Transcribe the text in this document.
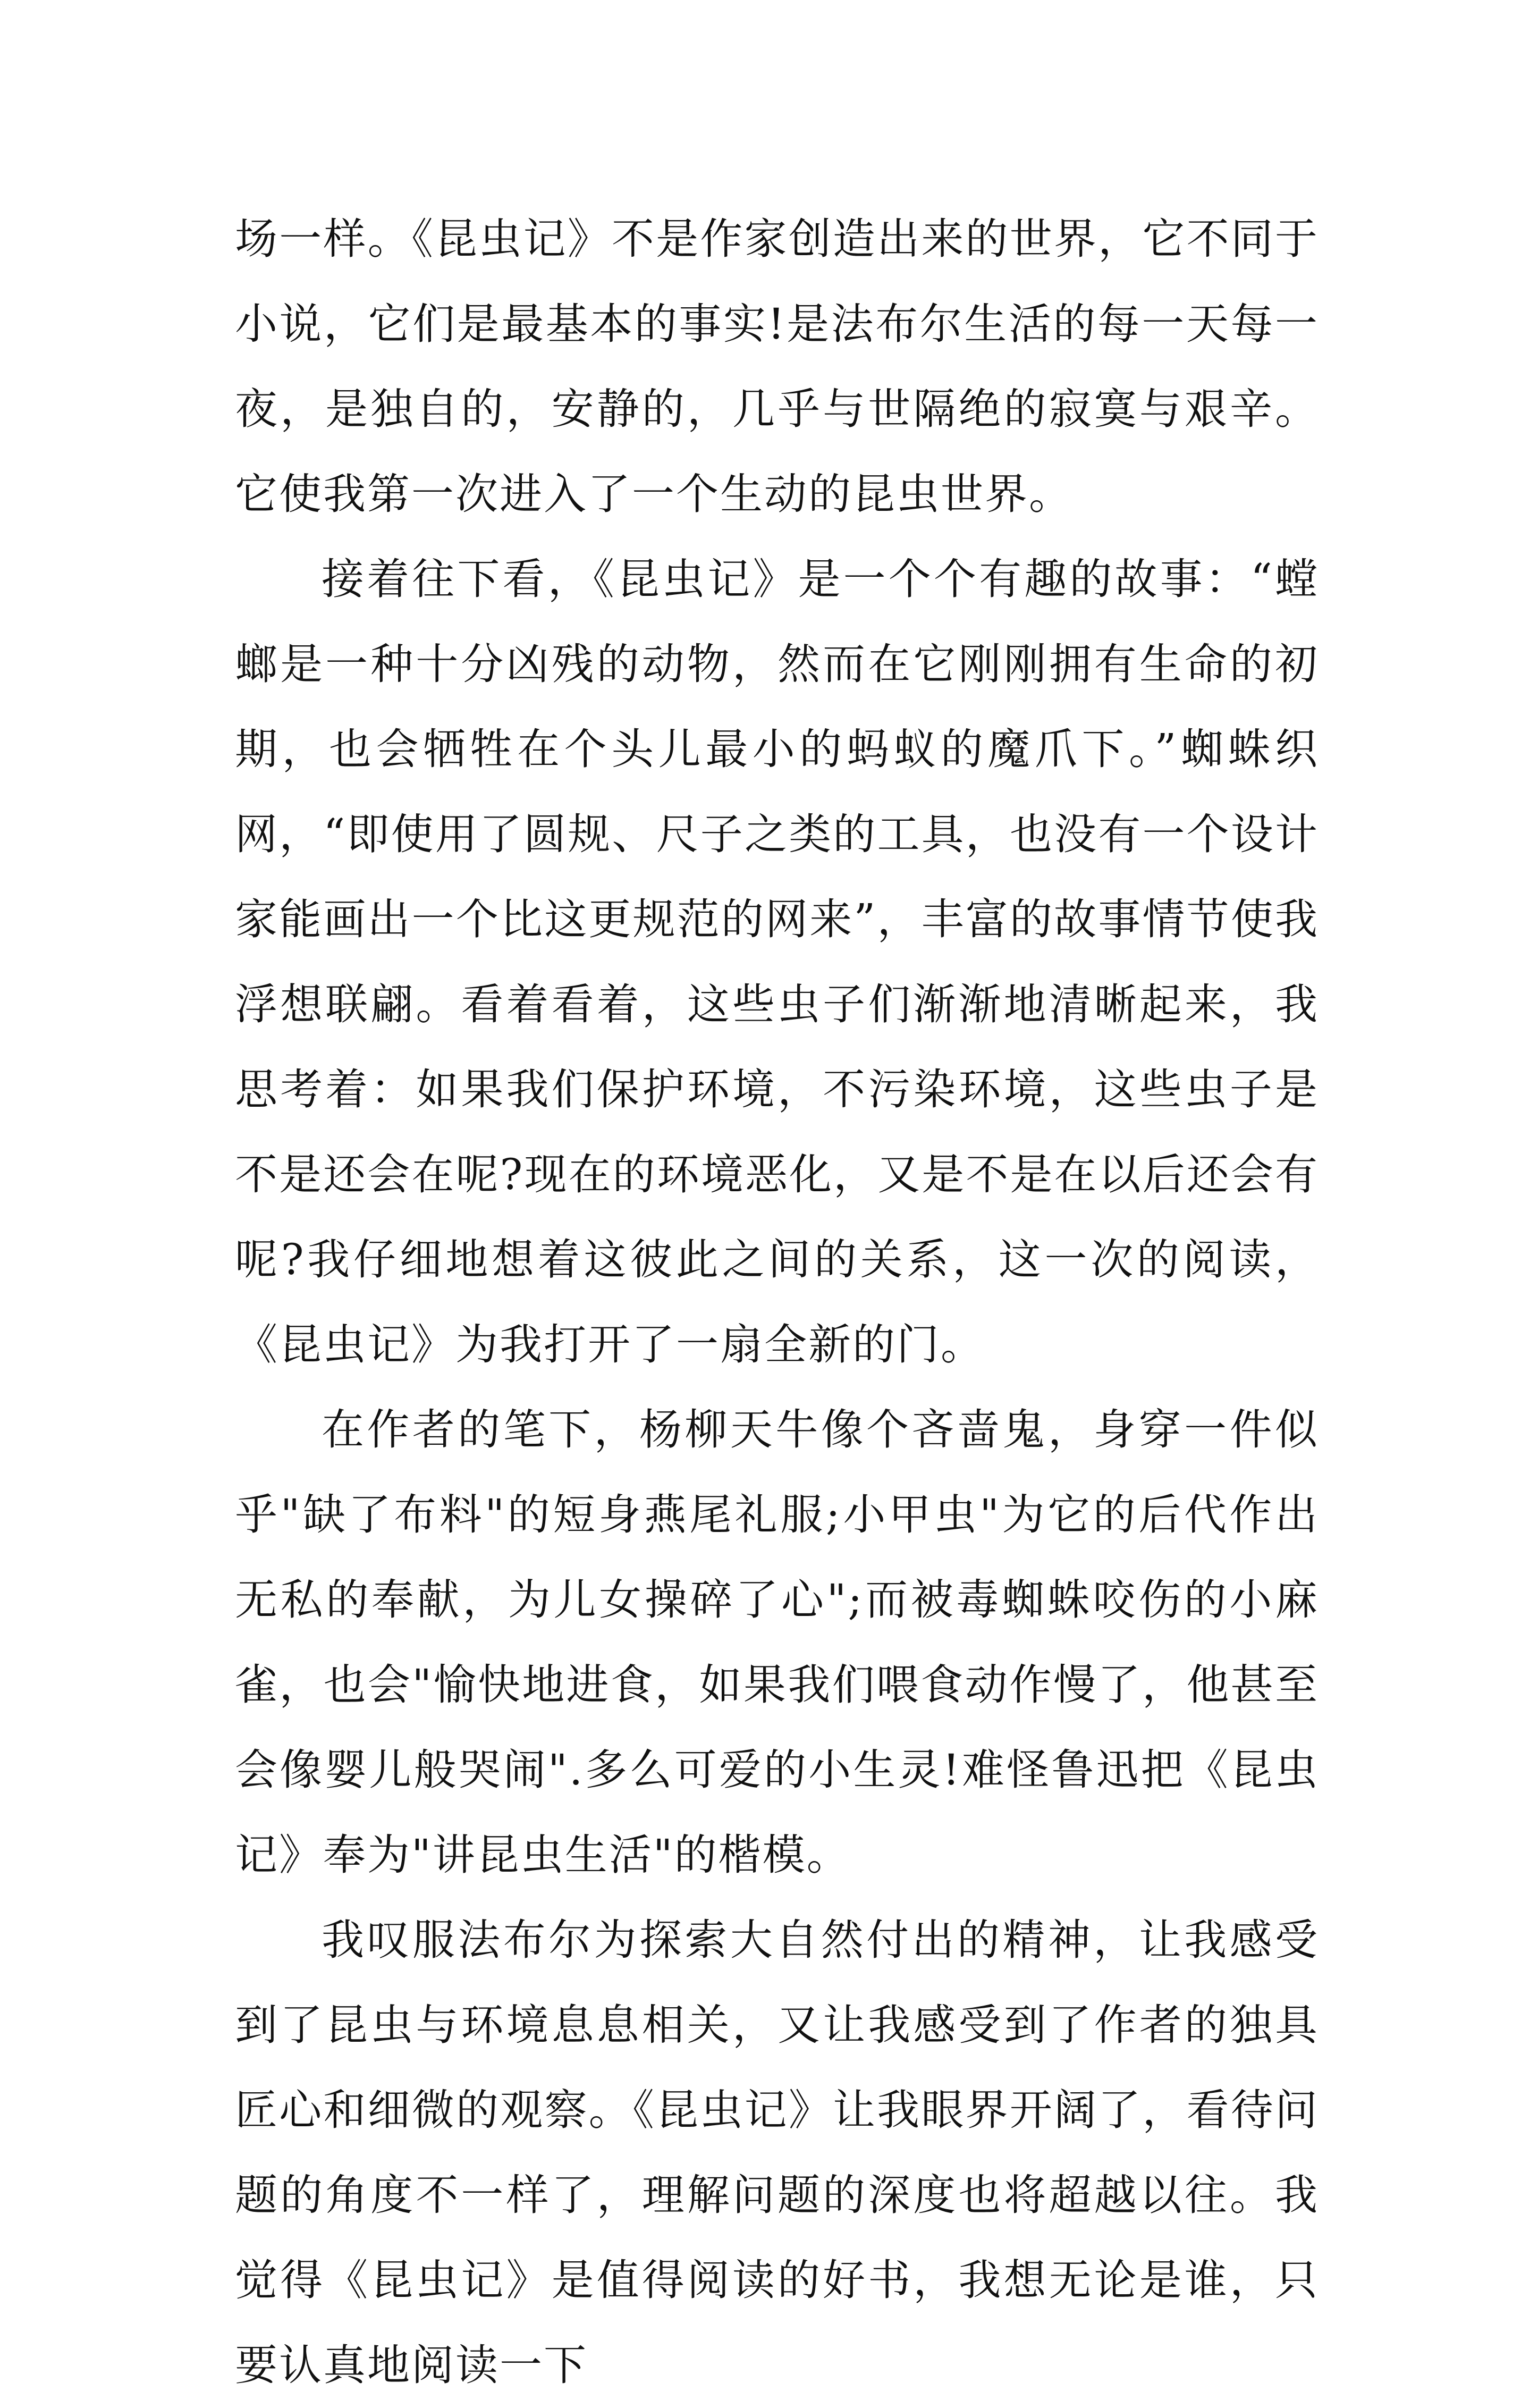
场一样。《昆虫记》不是作家创造出来的世界，它不同于小说，它们是最基本的事实!是法布尔生活的每一天每一夜，是独自的，安静的，几乎与世隔绝的寂寞与艰辛。它使我第一次进入了一个生动的昆虫世界。

接着往下看，《昆虫记》是一个个有趣的故事：“螳螂是一种十分凶残的动物，然而在它刚刚拥有生命的初期，也会牺牲在个头儿最小的蚂蚁的魔爪下。”蜘蛛织网，“即使用了圆规、尺子之类的工具，也没有一个设计家能画出一个比这更规范的网来”，丰富的故事情节使我浮想联翩。看着看着，这些虫子们渐渐地清晰起来，我思考着：如果我们保护环境，不污染环境，这些虫子是不是还会在呢?现在的环境恶化，又是不是在以后还会有呢?我仔细地想着这彼此之间的关系，这一次的阅读，《昆虫记》为我打开了一扇全新的门。

在作者的笔下，杨柳天牛像个吝啬鬼，身穿一件似乎"缺了布料"的短身燕尾礼服;小甲虫"为它的后代作出无私的奉献，为儿女操碎了心";而被毒蜘蛛咬伤的小麻雀，也会"愉快地进食，如果我们喂食动作慢了，他甚至会像婴儿般哭闹".多么可爱的小生灵!难怪鲁迅把《昆虫记》奉为"讲昆虫生活"的楷模。

我叹服法布尔为探索大自然付出的精神，让我感受到了昆虫与环境息息相关，又让我感受到了作者的独具匠心和细微的观察。《昆虫记》让我眼界开阔了，看待问题的角度不一样了，理解问题的深度也将超越以往。我觉得《昆虫记》是值得阅读的好书，我想无论是谁，只要认真地阅读一下
